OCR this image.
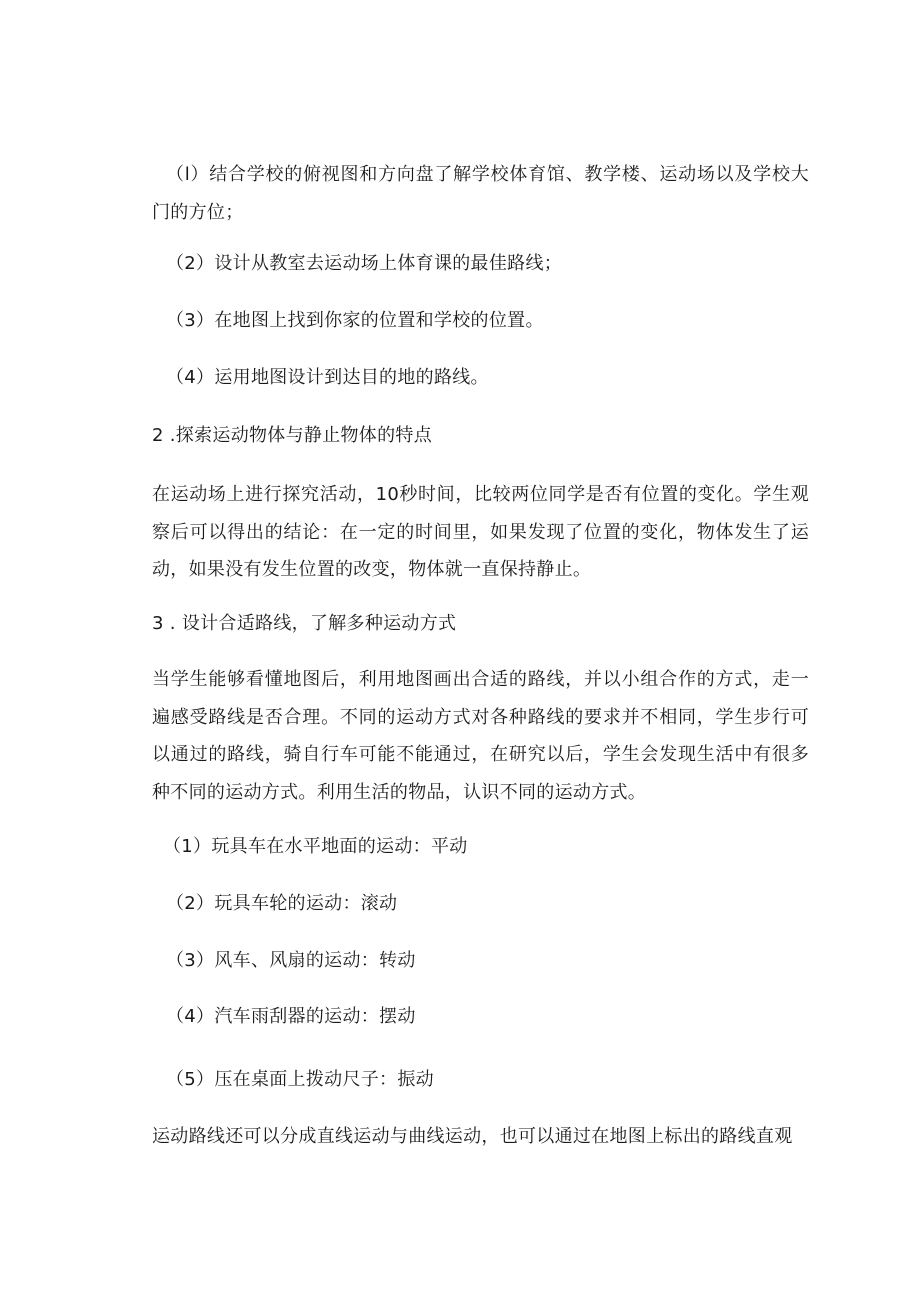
（l）结合学校的俯视图和方向盘了解学校体育馆、教学楼、运动场以及学校大门的方位；
（2）设计从教室去运动场上体育课的最佳路线；
（3）在地图上找到你家的位置和学校的位置。
（4）运用地图设计到达目的地的路线。
2 .探索运动物体与静止物体的特点
在运动场上进行探究活动，10秒时间，比较两位同学是否有位置的变化。学生观察后可以得出的结论：在一定的时间里，如果发现了位置的变化，物体发生了运动，如果没有发生位置的改变，物体就一直保持静止。
3 . 设计合适路线，了解多种运动方式
当学生能够看懂地图后，利用地图画出合适的路线，并以小组合作的方式，走一遍感受路线是否合理。不同的运动方式对各种路线的要求并不相同，学生步行可以通过的路线，骑自行车可能不能通过，在研究以后，学生会发现生活中有很多种不同的运动方式。利用生活的物品，认识不同的运动方式。
（1）玩具车在水平地面的运动：平动
（2）玩具车轮的运动：滚动
（3）风车、风扇的运动：转动
（4）汽车雨刮器的运动：摆动
（5）压在桌面上拨动尺子：振动
运动路线还可以分成直线运动与曲线运动，也可以通过在地图上标出的路线直观
